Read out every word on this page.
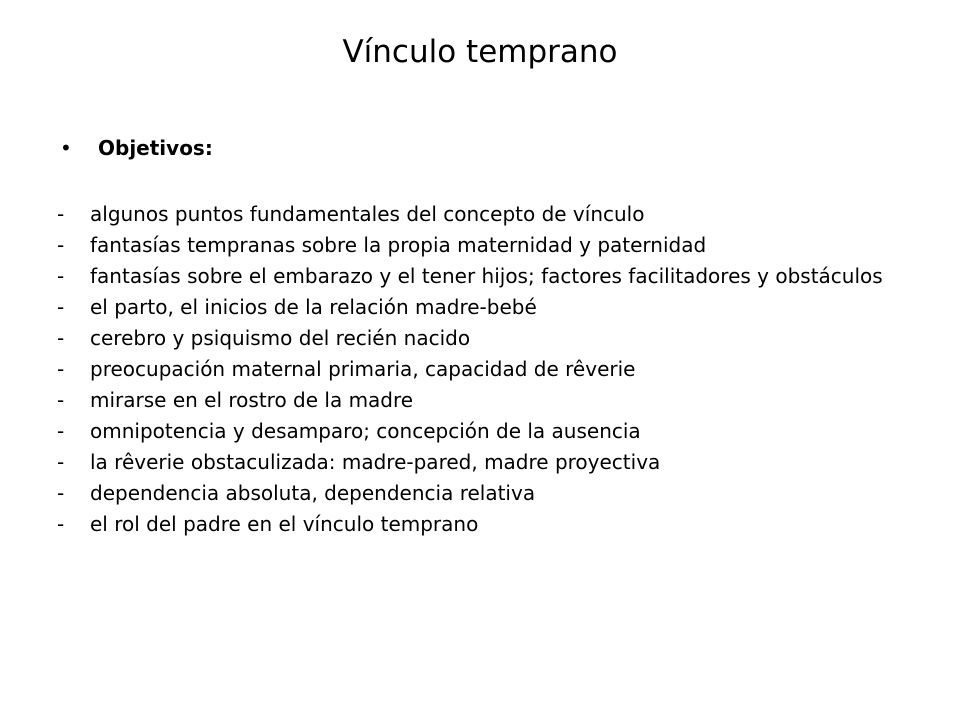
Vínculo temprano
•	Objetivos:
-	algunos puntos fundamentales del concepto de vínculo
-	fantasías tempranas sobre la propia maternidad y paternidad
-	fantasías sobre el embarazo y el tener hijos; factores facilitadores y obstáculos
-	el parto, el inicios de la relación madre-bebé
-	cerebro y psiquismo del recién nacido
-	preocupación maternal primaria, capacidad de rêverie
-	mirarse en el rostro de la madre
-	omnipotencia y desamparo; concepción de la ausencia
-	la rêverie obstaculizada: madre-pared, madre proyectiva
-	dependencia absoluta, dependencia relativa
-	el rol del padre en el vínculo temprano
